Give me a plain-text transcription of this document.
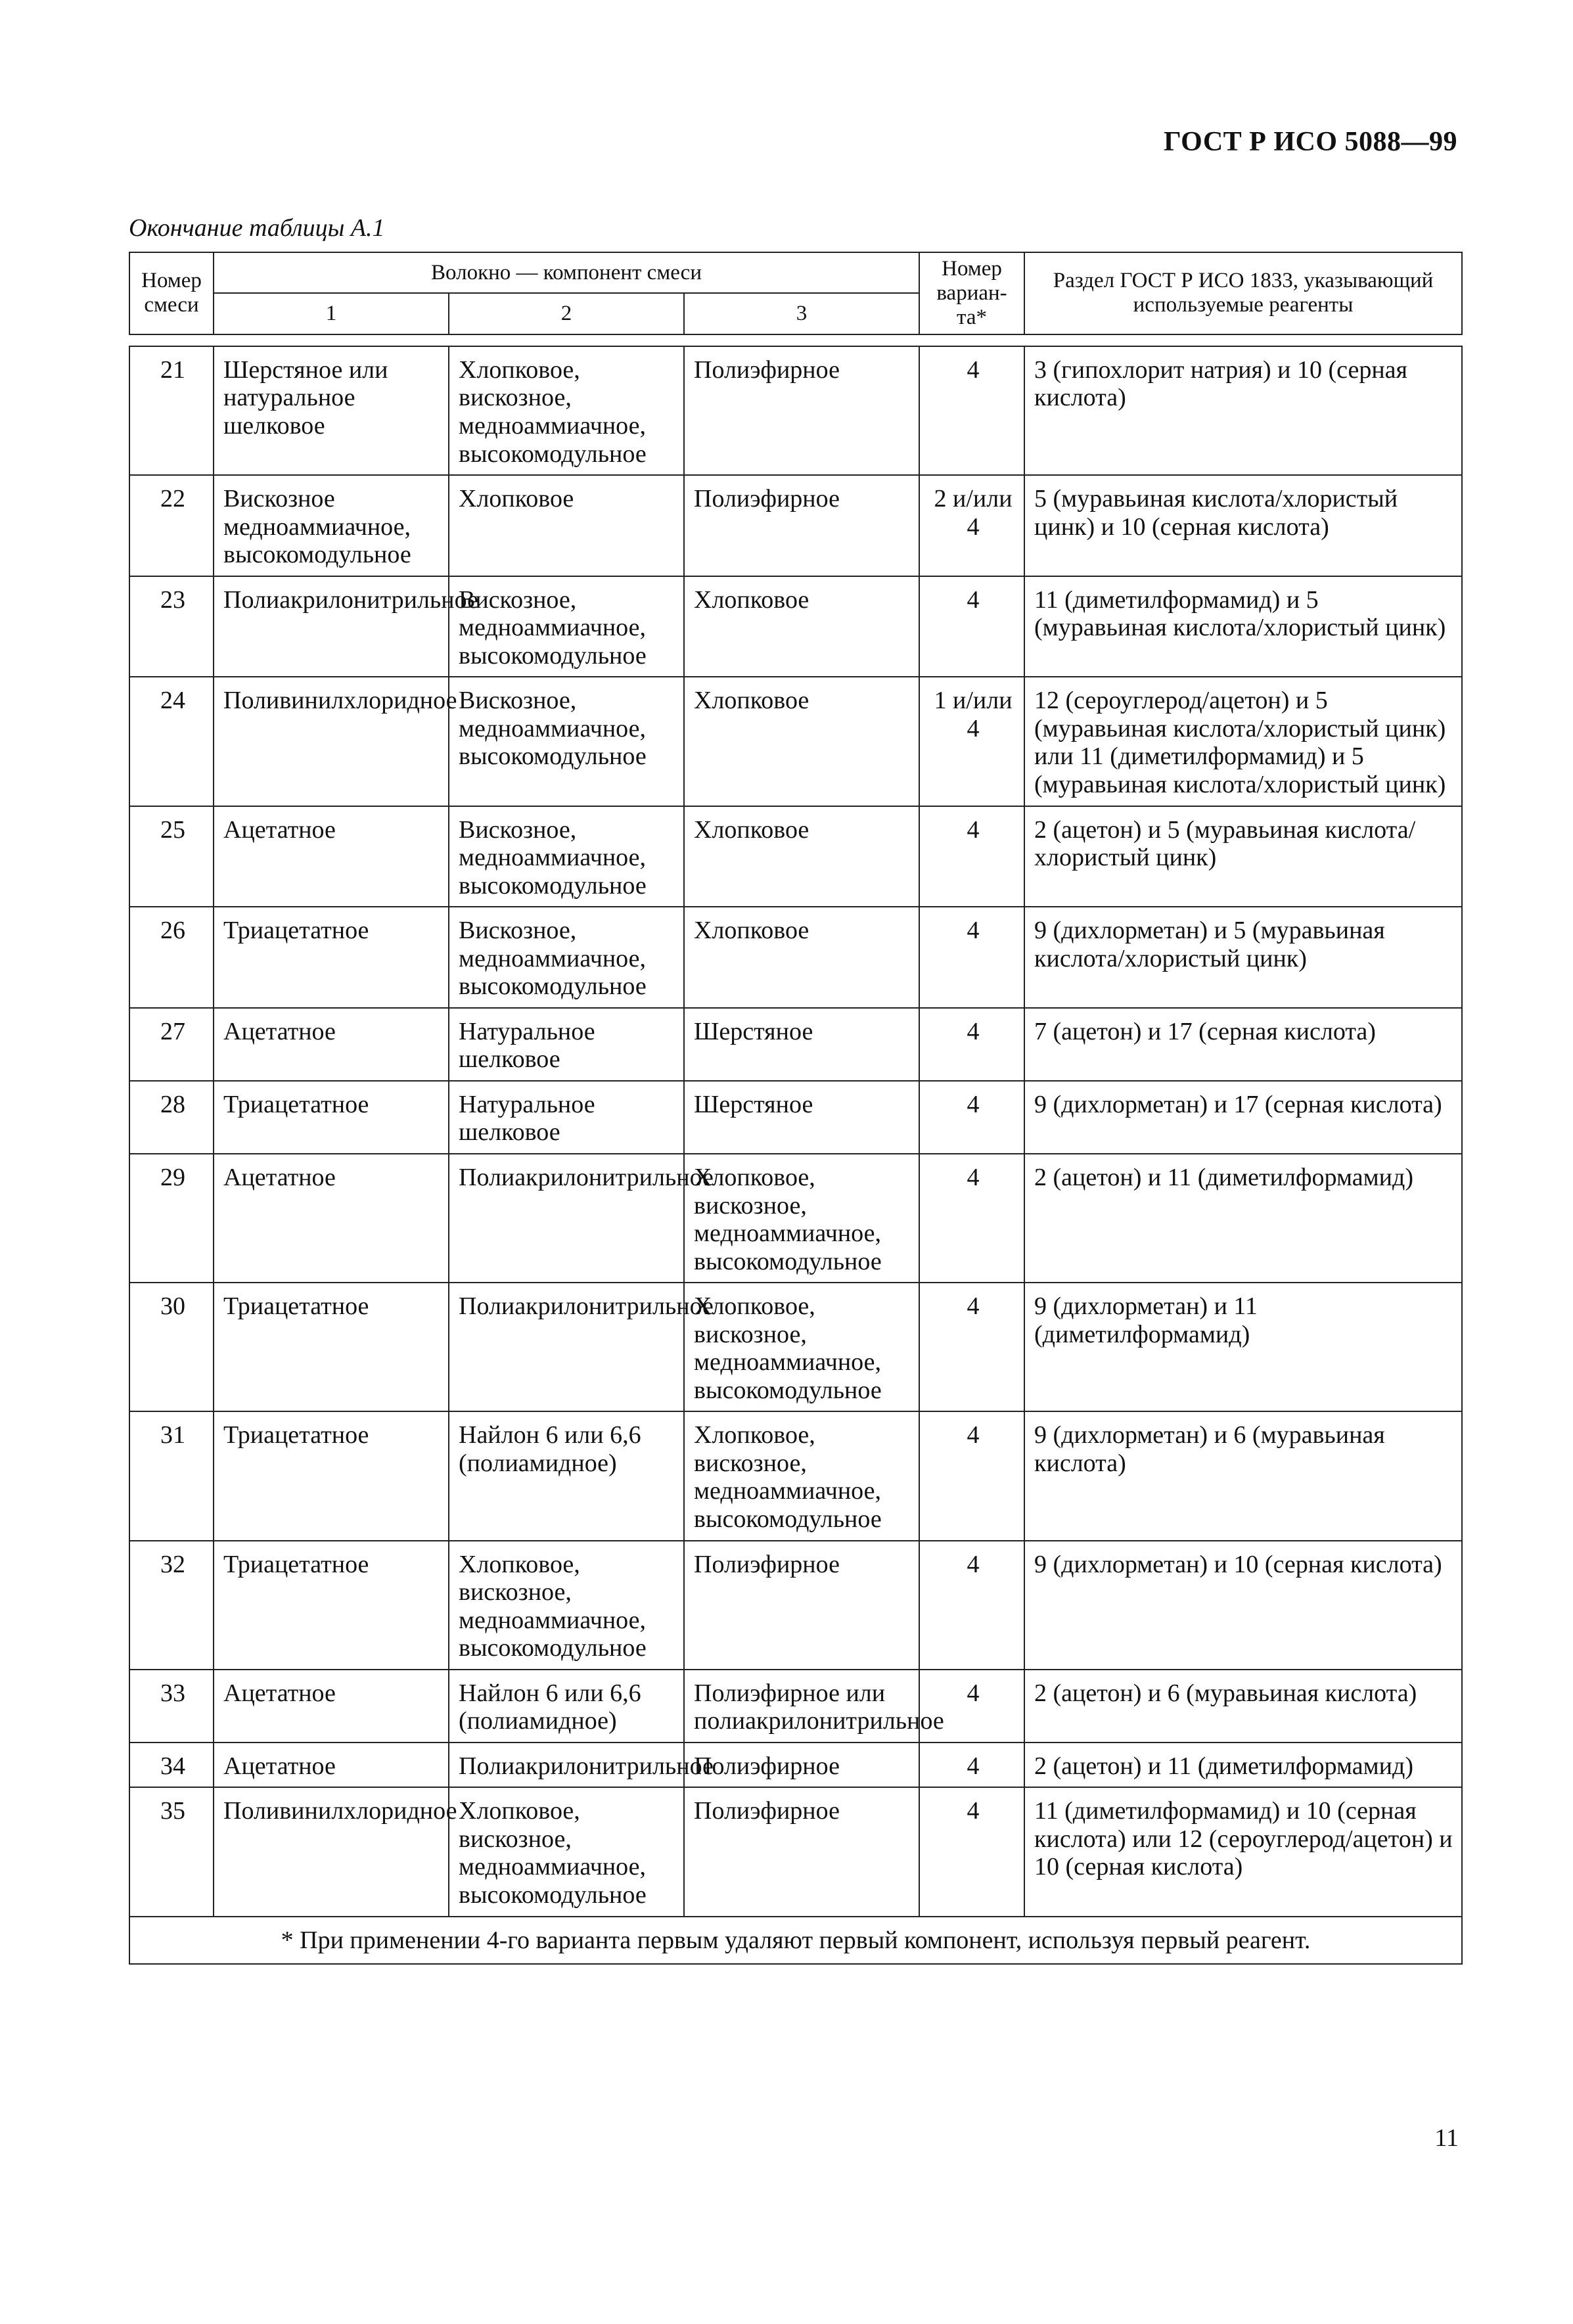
ГОСТ Р ИСО 5088—99
Окончание таблицы А.1
Номер смеси	Волокно — компонент смеси			Номер вариан- та*	Раздел ГОСТ Р ИСО 1833, указывающий используемые реагенты
	1	2	3		

21	Шерстяное или натуральное шелковое	Хлопковое, вискозное, медноаммиачное, высокомодульное	Полиэфирное	4	3 (гипохлорит натрия) и 10 (серная кислота)
22	Вискозное медноаммиачное, высокомодульное	Хлопковое	Полиэфирное	2 и/или 4	5 (муравьиная кислота/хлористый цинк) и 10 (серная кислота)
23	Полиакрилонитрильное	Вискозное, медноаммиачное, высокомодульное	Хлопковое	4	11 (диметилформамид) и 5 (муравьиная кислота/хлористый цинк)
24	Поливинилхлоридное	Вискозное, медноаммиачное, высокомодульное	Хлопковое	1 и/или 4	12 (сероуглерод/ацетон) и 5 (муравьиная кислота/хлористый цинк) или 11 (диметилформамид) и 5 (муравьиная кислота/хлористый цинк)
25	Ацетатное	Вискозное, медноаммиачное, высокомодульное	Хлопковое	4	2 (ацетон) и 5 (муравьиная кислота/хлористый цинк)
26	Триацетатное	Вискозное, медноаммиачное, высокомодульное	Хлопковое	4	9 (дихлорметан) и 5 (муравьиная кислота/хлористый цинк)
27	Ацетатное	Натуральное шелковое	Шерстяное	4	7 (ацетон) и 17 (серная кислота)
28	Триацетатное	Натуральное шелковое	Шерстяное	4	9 (дихлорметан) и 17 (серная кислота)
29	Ацетатное	Полиакрилонитрильное	Хлопковое, вискозное, медноаммиачное, высокомодульное	4	2 (ацетон) и 11 (диметилформамид)
30	Триацетатное	Полиакрилонитрильное	Хлопковое, вискозное, медноаммиачное, высокомодульное	4	9 (дихлорметан) и 11 (диметилформамид)
31	Триацетатное	Найлон 6 или 6,6 (полиамидное)	Хлопковое, вискозное, медноаммиачное, высокомодульное	4	9 (дихлорметан) и 6 (муравьиная кислота)
32	Триацетатное	Хлопковое, вискозное, медноаммиачное, высокомодульное	Полиэфирное	4	9 (дихлорметан) и 10 (серная кислота)
33	Ацетатное	Найлон 6 или 6,6 (полиамидное)	Полиэфирное или полиакрилонитрильное	4	2 (ацетон) и 6 (муравьиная кислота)
34	Ацетатное	Полиакрилонитрильное	Полиэфирное	4	2 (ацетон) и 11 (диметилформамид)
35	Поливинилхлоридное	Хлопковое, вискозное, медноаммиачное, высокомодульное	Полиэфирное	4	11 (диметилформамид) и 10 (серная кислота) или 12 (сероуглерод/ацетон) и 10 (серная кислота)
* При применении 4-го варианта первым удаляют первый компонент, используя первый реагент.					
11
